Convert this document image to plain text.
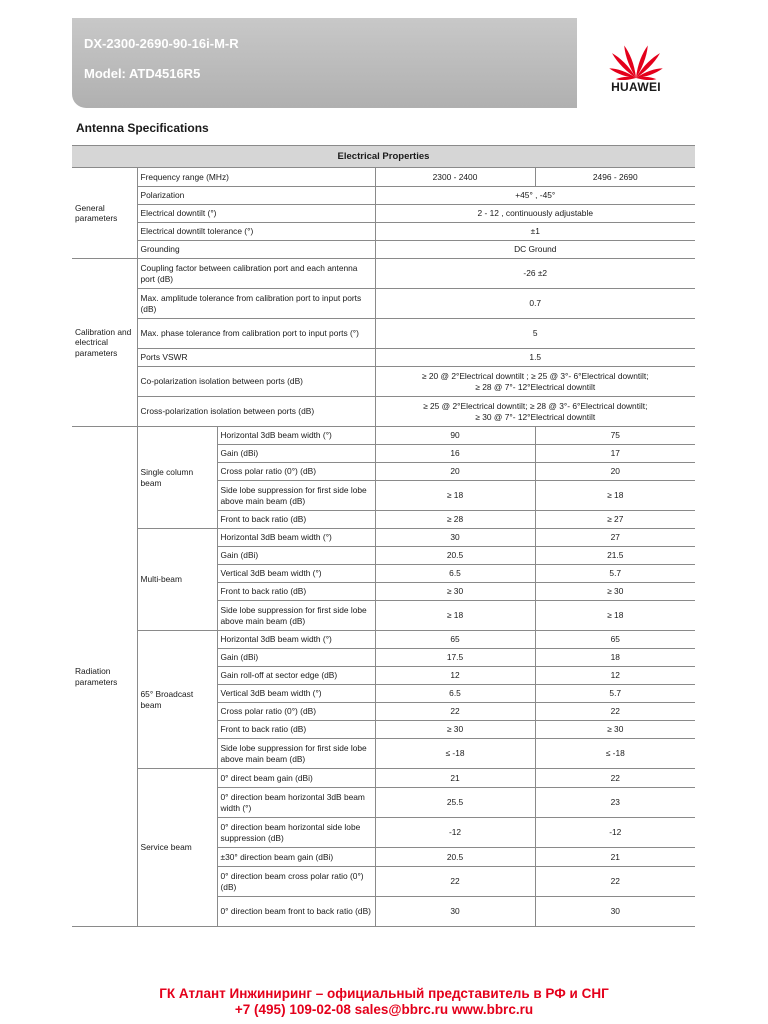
DX-2300-2690-90-16i-M-R
Model: ATD4516R5
HUAWEI
Antenna Specifications
Electrical Properties				
General parameters	Frequency range (MHz)		2300 - 2400	2496 - 2690
	Polarization		+45° , -45°	
	Electrical downtilt (°)		2 - 12 , continuously adjustable	
	Electrical downtilt tolerance (°)		±1	
	Grounding		DC Ground	
Calibration and electrical parameters	Coupling factor between calibration port and each antenna port (dB)		-26 ±2	
	Max. amplitude tolerance from calibration port to input ports (dB)		0.7	
	Max. phase tolerance from calibration port to input ports (°)		5	
	Ports VSWR		1.5	
	Co-polarization isolation between ports (dB)		≥ 20 @ 2°Electrical downtilt ; ≥ 25 @ 3°- 6°Electrical downtilt;
≥ 28 @ 7°- 12°Electrical downtilt	

	Cross-polarization isolation between ports (dB)		≥ 25 @ 2°Electrical downtilt; ≥ 28 @ 3°- 6°Electrical downtilt;
≥ 30 @ 7°- 12°Electrical downtilt	

Radiation parameters	Single column beam	Horizontal 3dB beam width (°)	90	75
		Gain (dBi)	16	17
		Cross polar ratio (0°) (dB)	20	20
		Side lobe suppression for first side lobe above main beam (dB)	≥ 18	≥ 18
		Front to back ratio (dB)	≥ 28	≥ 27
	Multi-beam	Horizontal 3dB beam width (°)	30	27
		Gain (dBi)	20.5	21.5
		Vertical 3dB beam width (°)	6.5	5.7
		Front to back ratio (dB)	≥ 30	≥ 30
		Side lobe suppression for first side lobe above main beam (dB)	≥ 18	≥ 18
	65° Broadcast beam	Horizontal 3dB beam width (°)	65	65
		Gain (dBi)	17.5	18
		Gain roll-off at sector edge (dB)	12	12
		Vertical 3dB beam width (°)	6.5	5.7
		Cross polar ratio (0°) (dB)	22	22
		Front to back ratio (dB)	≥ 30	≥ 30
		Side lobe suppression for first side lobe above main beam (dB)	≤ -18	≤ -18
	Service beam	0° direct beam gain (dBi)	21	22
		0° direction beam horizontal 3dB beam width (°)	25.5	23
		0° direction beam horizontal side lobe suppression (dB)	-12	-12
		±30° direction beam gain (dBi)	20.5	21
		0° direction beam cross polar ratio (0°) (dB)	22	22
		0° direction beam front to back ratio (dB)	30	30
ГК Атлант Инжиниринг – официальный представитель в РФ и СНГ
+7 (495) 109-02-08 sales@bbrc.ru www.bbrc.ru
